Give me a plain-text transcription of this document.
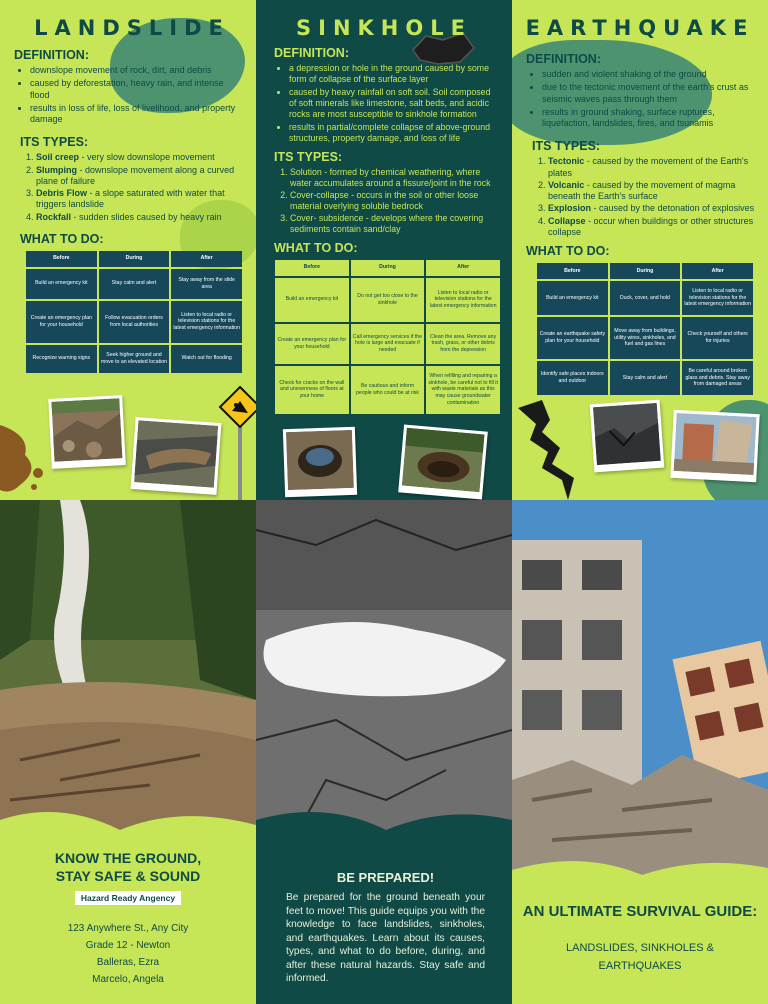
LANDSLIDE
DEFINITION:
• downslope movement of rock, dirt, and debris
• caused by deforestation, heavy rain, and intense flood
• results in loss of life, loss of livelihood, and property damage
ITS TYPES:
1. Soil creep - very slow downslope movement
2. Slumping - downslope movement along a curved plane of failure
3. Debris Flow - a slope saturated with water that triggers landslide
4. Rockfall - sudden slides caused by heavy rain
WHAT TO DO:
Before	During	After
Build an emergency kit	Stay calm and alert	Stay away from the slide area
Create an emergency plan for your household	Follow evacuation orders from local authorities	Listen to local radio or television stations for the latest emergency information
Recognize warning signs	Seek higher ground and move to an elevated location	Watch out for flooding
SINKHOLE
DEFINITION:
• a depression or hole in the ground caused by some form of collapse of the surface layer
• caused by heavy rainfall on soft soil. Soil composed of soft minerals like limestone, salt beds, and acidic rocks are most susceptible to sinkhole formation
• results in partial/complete collapse of above-ground structures, property damage, and loss of life
ITS TYPES:
1. Solution - formed by chemical weathering, where water accumulates around a fissure/joint in the rock
2. Cover-collapse - occurs in the soil or other loose material overlying soluble bedrock
3. Cover- subsidence - develops where the covering sediments contain sand/clay
WHAT TO DO:
Before	During	After
Build an emergency kit	Do not get too close to the sinkhole	Listen to local radio or television stations for the latest emergency information
Create an emergency plan for your household	Call emergency services if the hole is large and evacuate if needed	Clean the area. Remove any trash, grass, or other debris from the depression
Check for cracks on the wall and unevenness of floors at your home	Be cautious and inform people who could be at risk	When refilling and repairing a sinkhole, be careful not to fill it with waste materials as this may cause groundwater contamination
EARTHQUAKE
DEFINITION:
• sudden and violent shaking of the ground
• due to the tectonic movement of the earth's crust as seismic waves pass through them
• results in ground shaking, surface ruptures, liquefaction, landslides, fires, and tsunamis
ITS TYPES:
1. Tectonic - caused by the movement of the Earth's plates
2. Volcanic - caused by the movement of magma beneath the Earth's surface
3. Explosion - caused by the detonation of explosives
4. Collapse - occur when buildings or other structures collapse
WHAT TO DO:
Before	During	After
Build an emergency kit	Duck, cover, and hold	Listen to local radio or television stations for the latest emergency information
Create an earthquake safety plan for your household	Move away from buildings, utility wires, sinkholes, and fuel and gas lines	Check yourself and others for injuries
Identify safe places indoors and outdoor	Stay calm and alert	Be careful around broken glass and debris. Stay away from damaged areas
KNOW THE GROUND,
STAY SAFE & SOUND
Hazard Ready Angency
123 Anywhere St., Any City
Grade 12 - Newton
Balleras, Ezra
Marcelo, Angela
BE PREPARED!
Be prepared for the ground beneath your feet to move! This guide equips you with the knowledge to face landslides, sinkholes, and earthquakes. Learn about its causes, types, and what to do before, during, and after these natural hazards. Stay safe and informed.
AN ULTIMATE SURVIVAL GUIDE:
LANDSLIDES, SINKHOLES &
EARTHQUAKES
